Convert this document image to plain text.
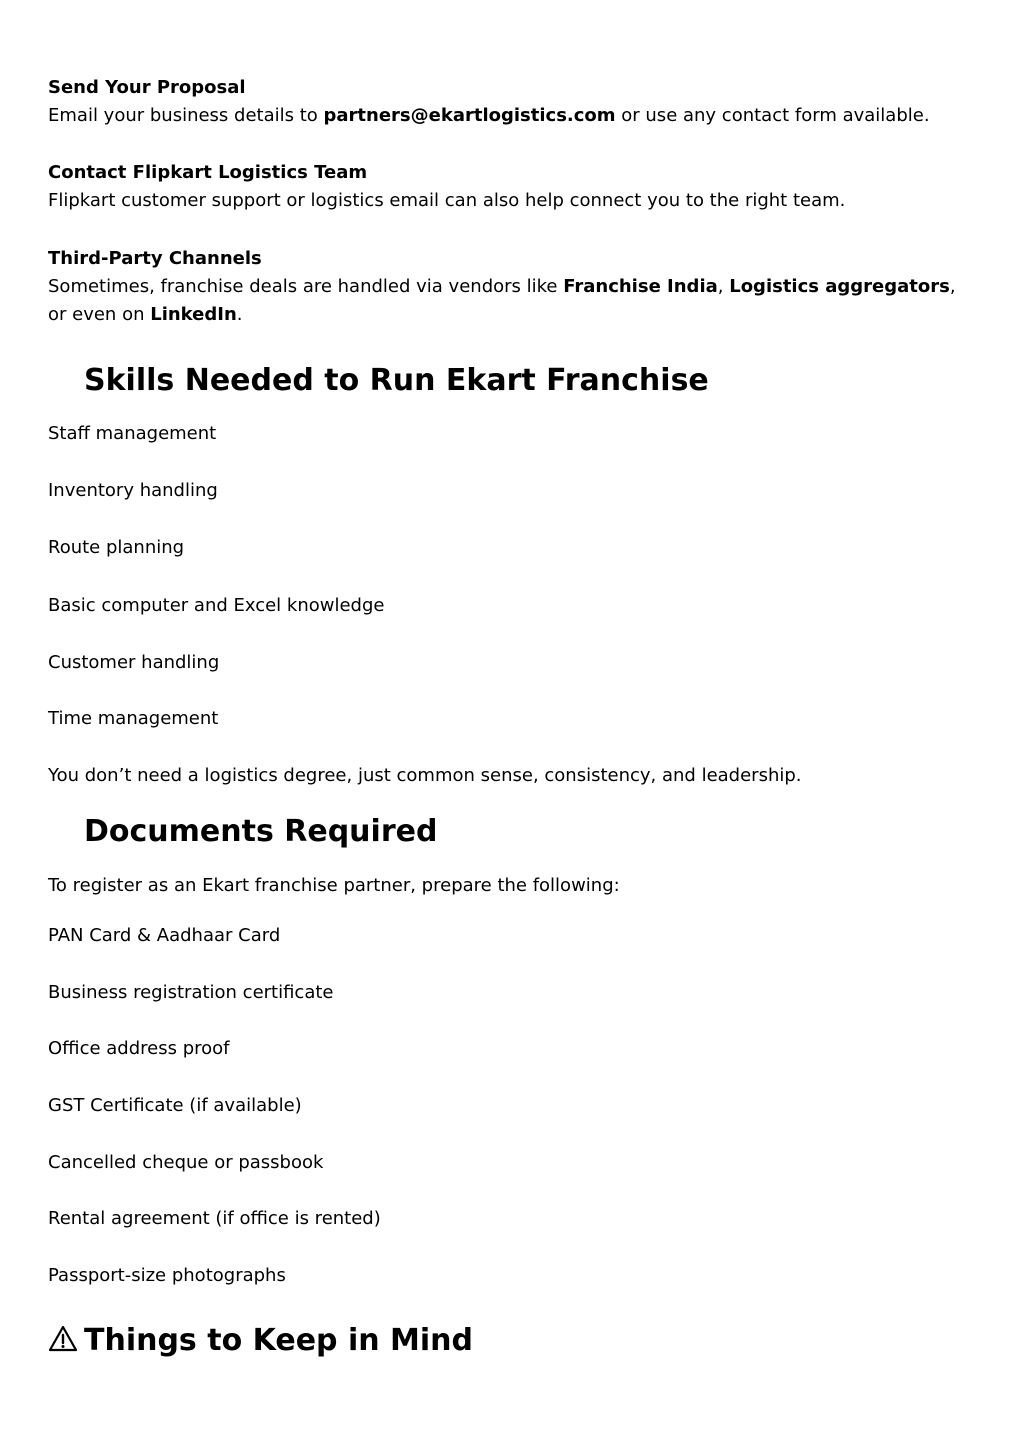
Send Your Proposal
Email your business details to partners@ekartlogistics.com or use any contact form available.
Contact Flipkart Logistics Team
Flipkart customer support or logistics email can also help connect you to the right team.
Third-Party Channels
Sometimes, franchise deals are handled via vendors like Franchise India, Logistics aggregators, or even on LinkedIn.
Skills Needed to Run Ekart Franchise
Staff management
Inventory handling
Route planning
Basic computer and Excel knowledge
Customer handling
Time management
You don’t need a logistics degree, just common sense, consistency, and leadership.
Documents Required
To register as an Ekart franchise partner, prepare the following:
PAN Card & Aadhaar Card
Business registration certificate
Office address proof
GST Certificate (if available)
Cancelled cheque or passbook
Rental agreement (if office is rented)
Passport-size photographs
Things to Keep in Mind
